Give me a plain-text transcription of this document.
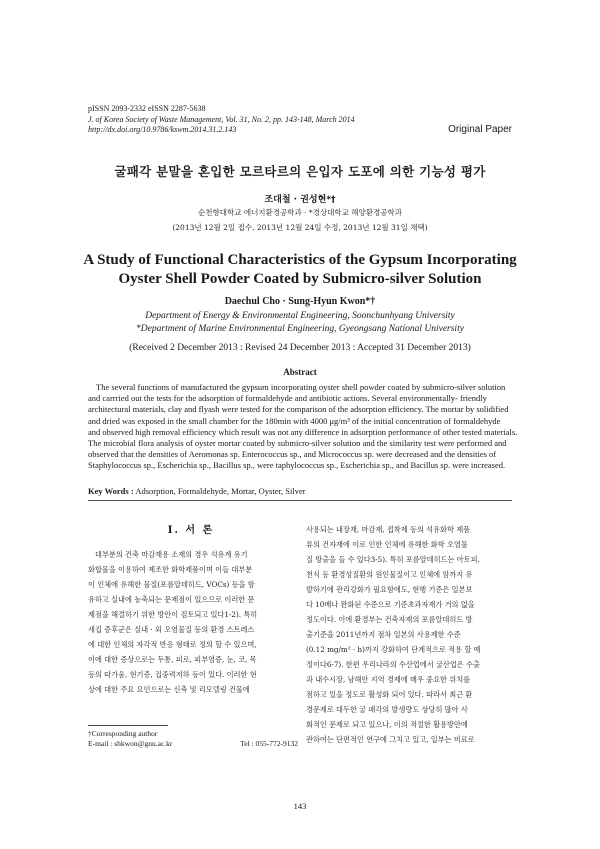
pISSN 2093-2332 eISSN 2287-5638
J. of Korea Society of Waste Management, Vol. 31, No. 2, pp. 143-148, March 2014
http://dx.doi.org/10.9786/kswm.2014.31.2.143	Original Paper
굴패각 분말을 혼입한 모르타르의 은입자 도포에 의한 기능성 평가
조대철 · 권성현*†
순천향대학교 에너지환경공학과 · *경상대학교 해양환경공학과
(2013년 12월 2일 접수, 2013년 12월 24일 수정, 2013년 12월 31일 채택)
A Study of Functional Characteristics of the Gypsum Incorporating Oyster Shell Powder Coated by Submicro-silver Solution
Daechul Cho · Sung-Hyun Kwon*†
Department of Energy & Environmental Engineering, Soonchunhyang University
*Department of Marine Environmental Engineering, Gyeongsang National University
(Received 2 December 2013 : Revised 24 December 2013 : Accepted 31 December 2013)
Abstract
The several functions of manufactured the gypsum incorporating oyster shell powder coated by submicro-silver solution
and carrried out the tests for the adsorption of formaldehyde and antibiotic actions. Several environmentally- friendly
architectural materials, clay and flyash were tested for the comparison of the adsorption efficiency. The mortar by solidified
and dried was exposed in the small chamber for the 180min with 4000 μg/m³ of the initial concentration of formaldehyde
and observed high removal efficiency which result was not any difference in adsorption performance of other tested materials.
The microbial flora analysis of oyster mortar coated by submicro-silver solution and the similarity test were performed and
observed that the densities of Aeromonas sp. Enterococcus sp., and Micrococcus sp. were decreased and the densities of
Staphylococcus sp., Escherichia sp., Bacillus sp., were taphylococcus sp., Escherichia sp., and Bacillus sp. were increased.
Key Words : Adsorption, Formaldehyde, Mortar, Oyster, Silver
I. 서 론
대부분의 건축 마감재용 소재의 경우 석유계 유기
화합물을 이용하여 제조한 화학제품이며 이들 대부분
이 인체에 유해한 물질(포름알데히드, VOCs) 등을 함
유하고 실내에 농축되는 문제점이 있으므로 이러한 문
제점을 해결하기 위한 방안이 검토되고 있다1-2). 특히
새집 증후군은 실내 · 외 오염물질 등의 환경 스트레스
에 대한 인체의 자각적 반응 형태로 정의 할 수 있으며,
이에 대한 증상으로는 두통, 피로, 피부염증, 눈, 코, 목
등의 따가움, 현기증, 집중력저하 등이 있다. 이러한 현
상에 대한 주요 요인으로는 신축 및 리모델링 건물에
사용되는 내장재, 마감재, 접착제 등의 석유화학 제품
류의 건자재에 이로 인한 인체에 유해한 화학 오염물
질 방출을 들 수 있다3-5). 특히 포름알데히드는 아토피,
천식 등 환경성질환의 원인물질이고 인체에 암까지 유
발하기에 관리강화가 필요함에도, 현행 기준은 일본보
다 10배나 완화된 수준으로 기준초과자재가 거의 없을
정도이다. 이에 환경부는 건축자재의 포름알데히드 방
출기준을 2011년까지 점차 일본의 사용제한 수준
(0.12 mg/m² · h)까지 강화하여 단계적으로 적용 할 예
정이다6-7). 한편 우리나라의 수산업에서 굴산업은 수출
과 내수시장, 남해안 지역 경제에 매우 중요한 위치를
점하고 있을 정도로 활성화 되어 있다. 따라서 최근 환
경문제로 대두한 굴 패각의 발생량도 상당히 많아 사
회적인 문제로 되고 있으나, 이의 적절한 활용방안에
관하여는 단편적인 연구에 그치고 있고, 일부는 비료로
†Corresponding author
E-mail : shkwon@gnu.ac.kr	Tel : 055-772-9132
143
